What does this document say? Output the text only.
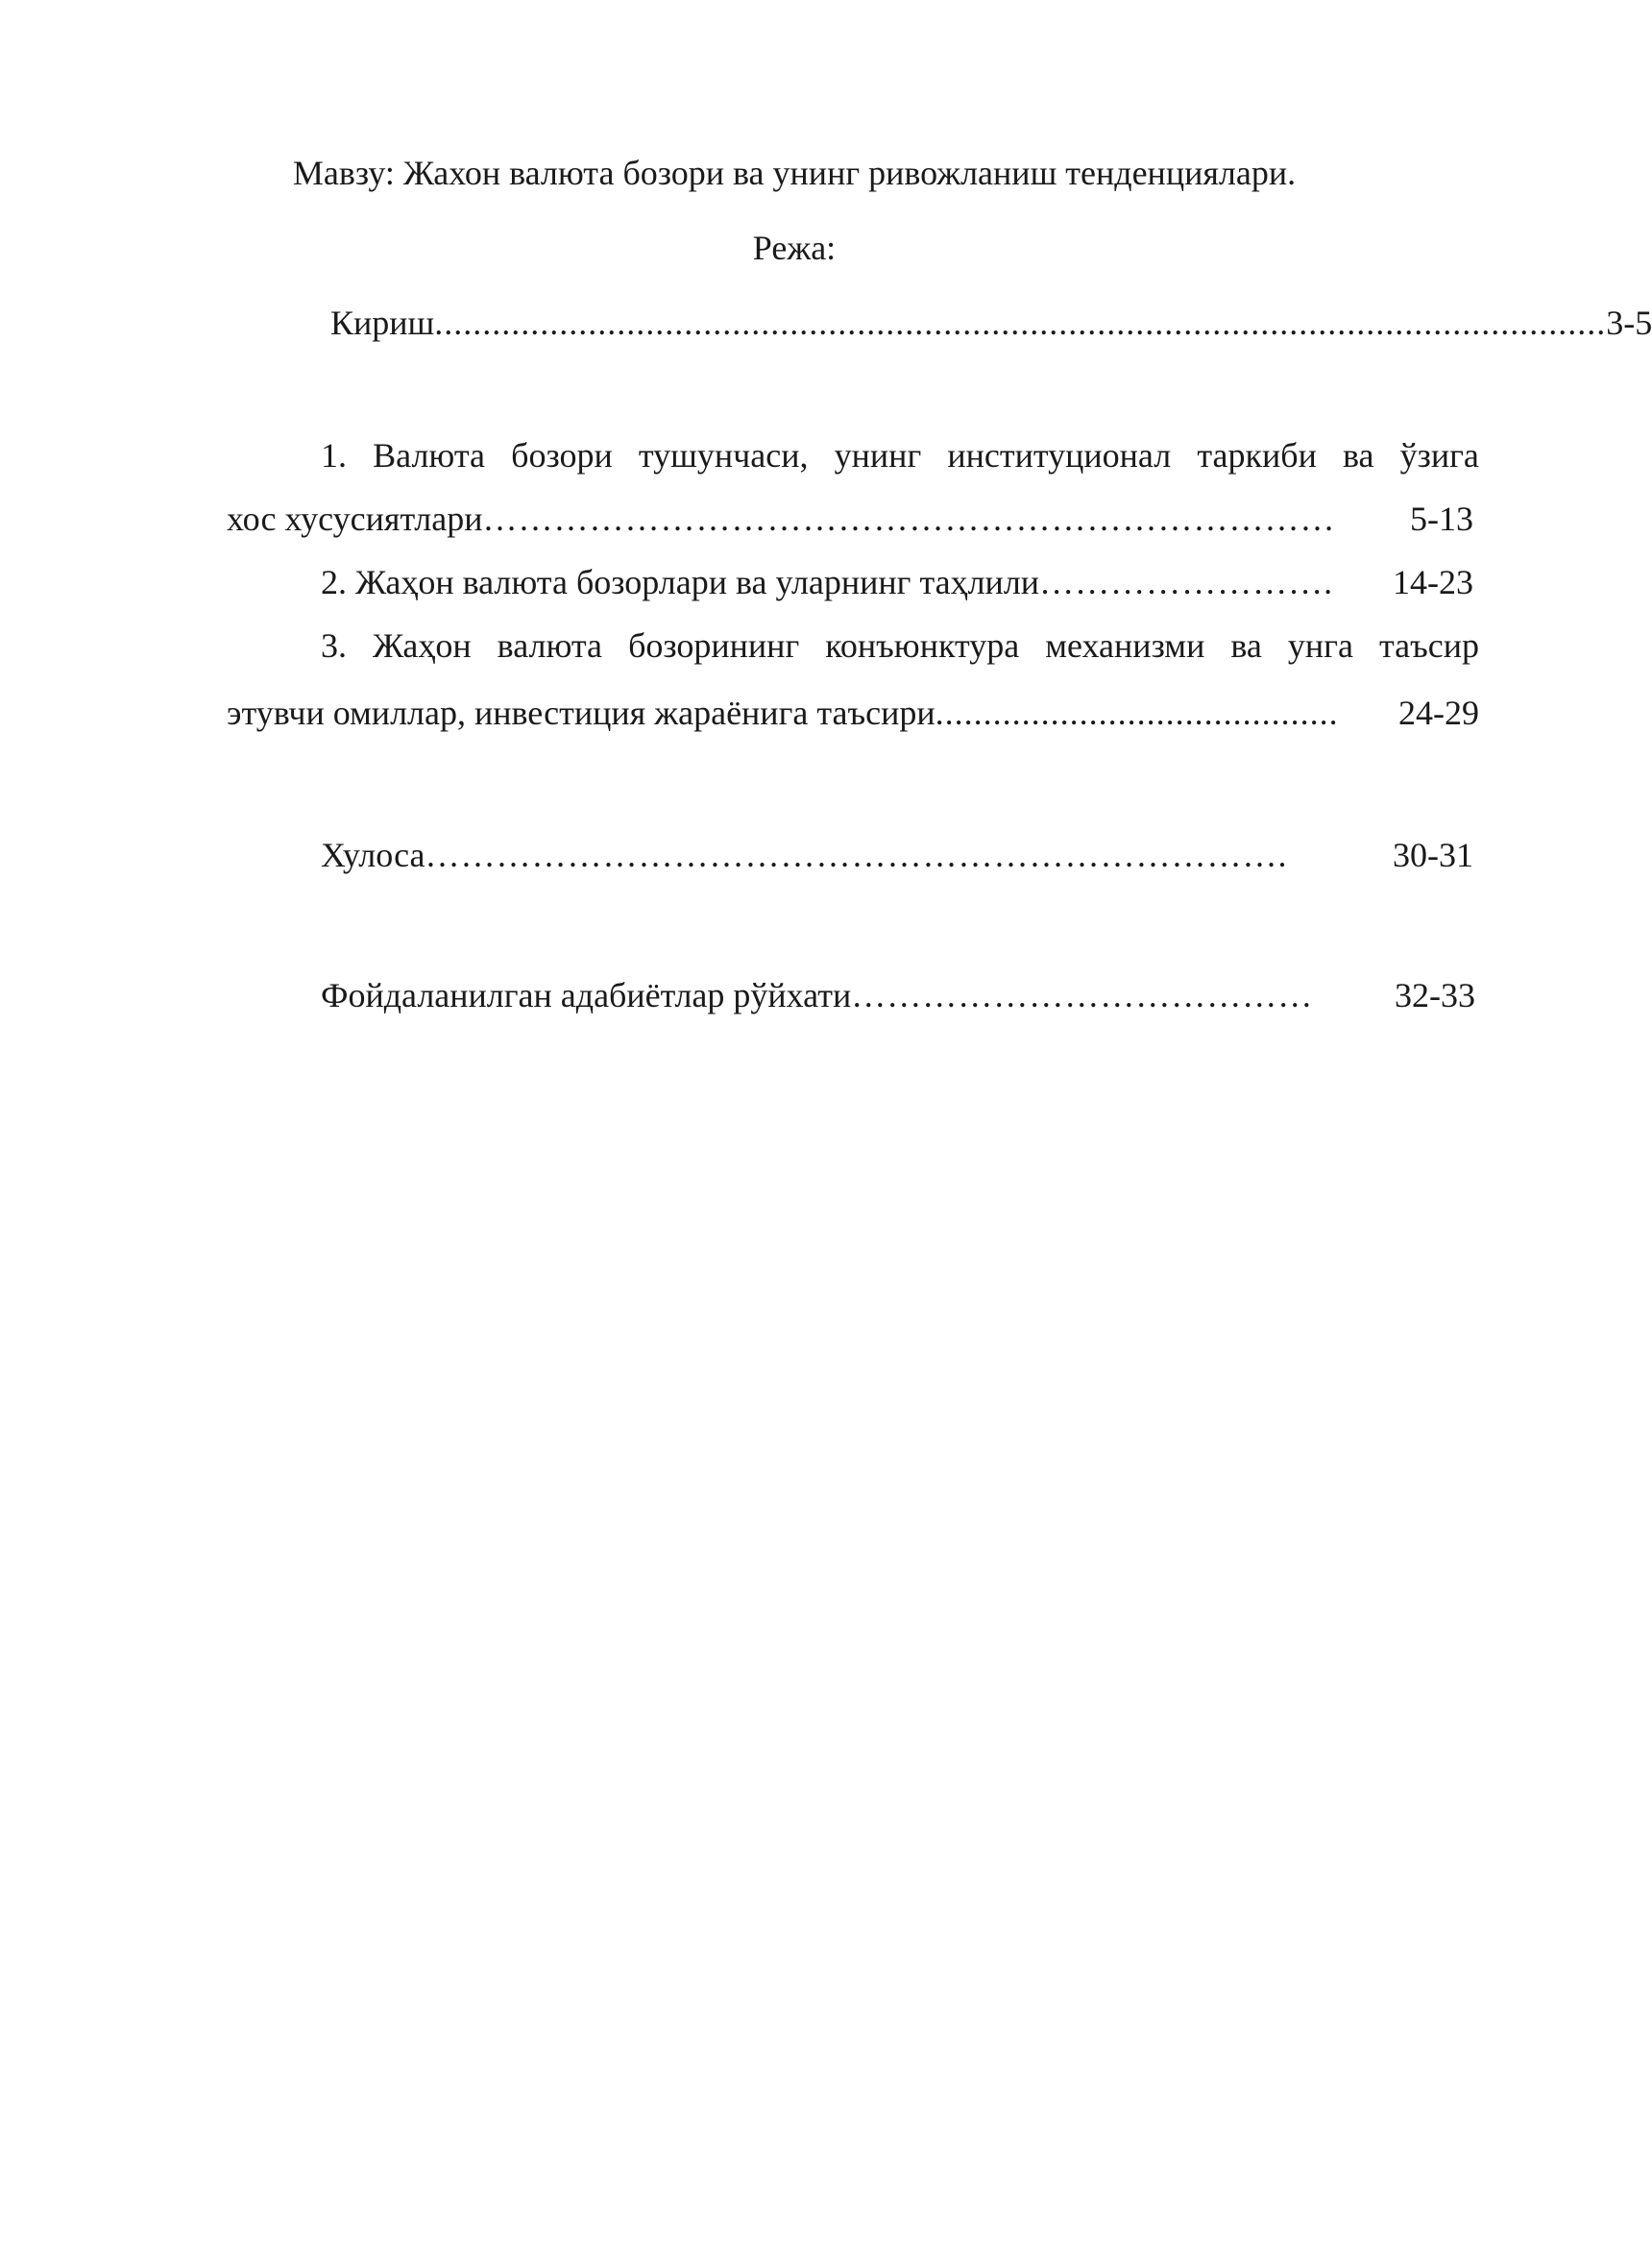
Мавзу: Жахон валюта бозори ва унинг ривожланиш тенденциялари.
Режа:
Кириш .......................................................................................................................... 3-5
1. Валюта бозори тушунчаси, унинг институционал таркиби ва ўзига
хос хусусиятлари ………………………………………………………………	5-13
2. Жаҳон валюта бозорлари ва уларнинг таҳлили …………………….	14-23
3. Жаҳон валюта бозорининг конъюнктура механизми ва унга таъсир
этувчи омиллар, инвестиция жараёнига таъсири ..........................................	24-29
Хулоса ……………………………………………………………….	30-31
Фойдаланилган адабиётлар рўйхати …………………………………	32-33
